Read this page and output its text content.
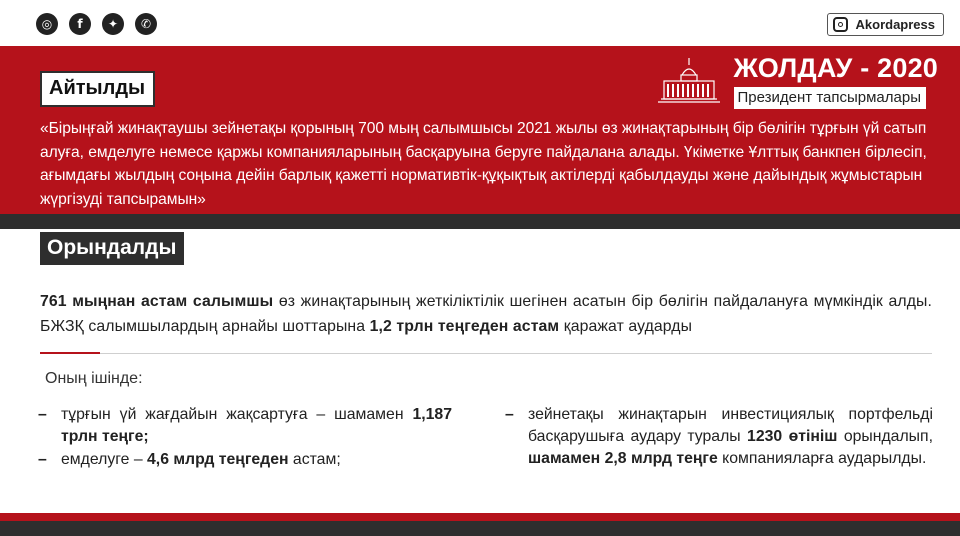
◎	f	✦	✆	Akordapress
Айтылды
ЖОЛДАУ - 2020
Президент тапсырмалары

«Бірыңғай жинақтаушы зейнетақы қорының 700 мың салымшысы 2021 жылы өз жинақтарының бір бөлігін тұрғын үй сатып алуға, емделуге немесе қаржы компанияларының басқаруына беруге пайдалана алады. Үкіметке Ұлттық банкпен бірлесіп, ағымдағы жылдың соңына дейін барлық қажетті нормативтік-құқықтық актілерді қабылдауды және дайындық жұмыстарын жүргізуді тапсырамын»

Орындалды

761 мыңнан астам салымшы өз жинақтарының жеткіліктілік шегінен асатын бір бөлігін пайдалануға мүмкіндік алды. БЖЗҚ салымшылардың арнайы шоттарына 1,2 трлн теңгеден астам қаражат аударды

Оның ішінде:
– тұрғын үй жағдайын жақсартуға – шамамен 1,187 трлн теңге;
– емделуге – 4,6 млрд теңгеден астам;
– зейнетақы жинақтарын инвестициялық портфельді басқарушыға аудару туралы 1230 өтініш орындалып, шамамен 2,8 млрд теңге компанияларға аударылды.
